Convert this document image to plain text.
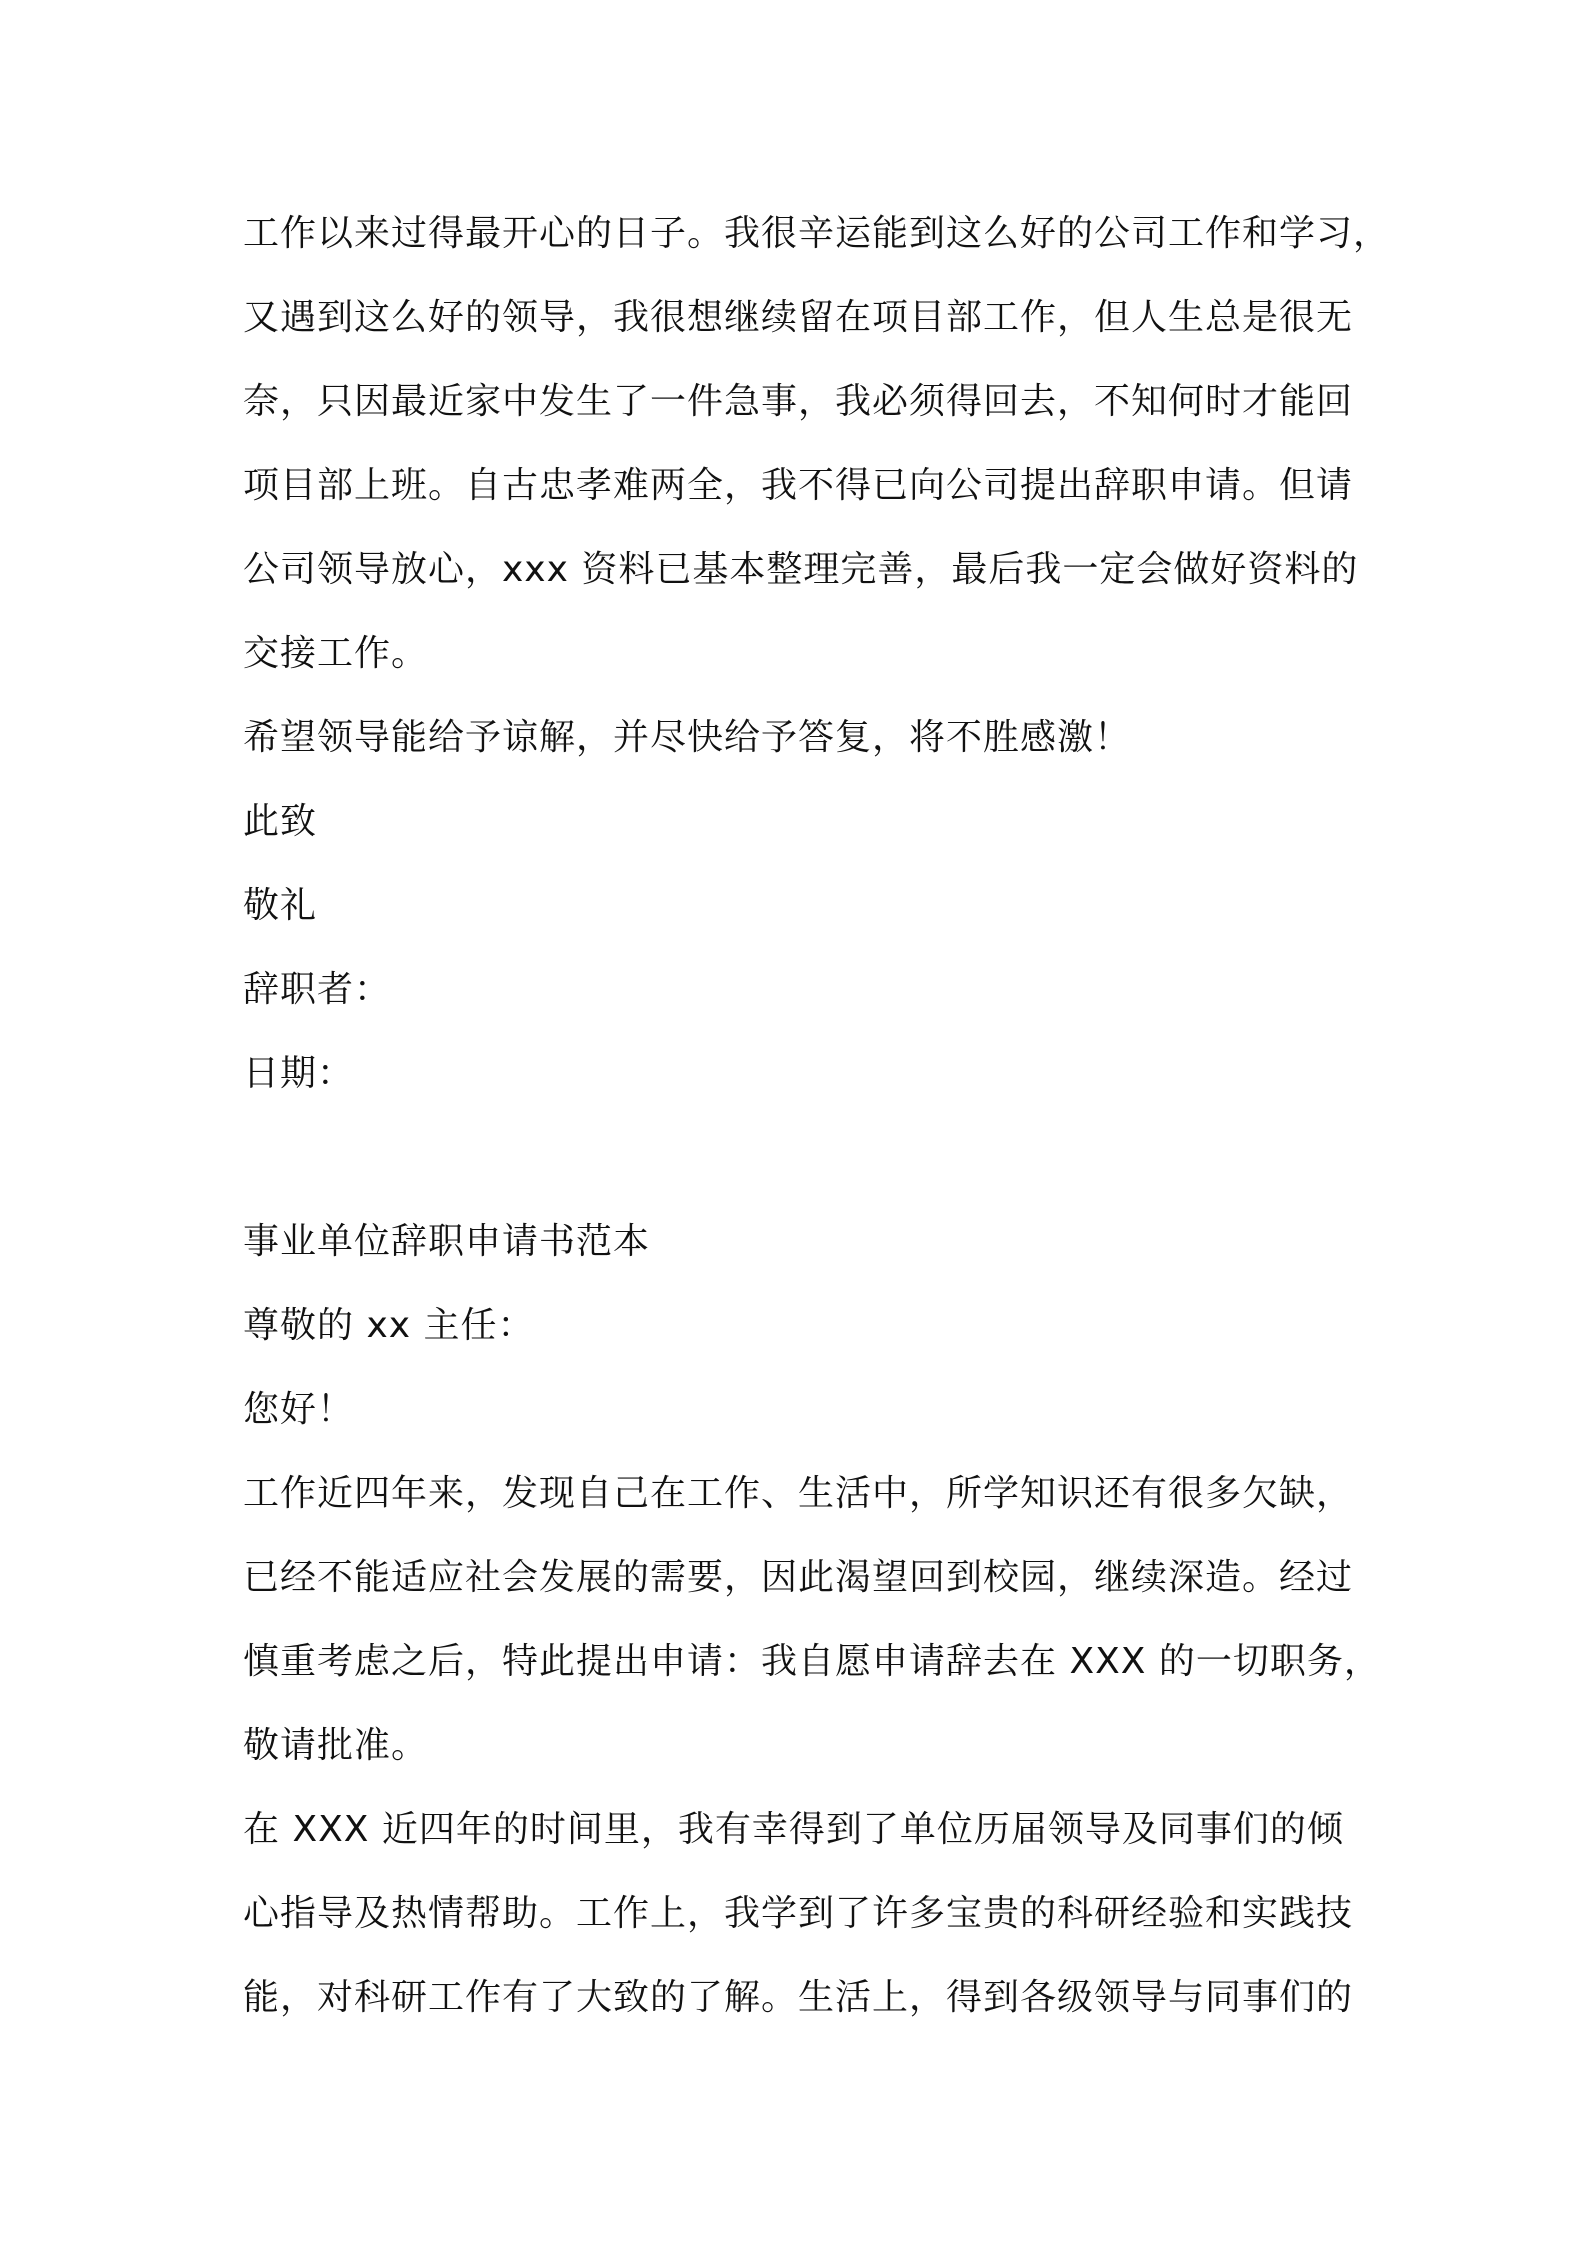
工作以来过得最开心的日子。我很辛运能到这么好的公司工作和学习，
又遇到这么好的领导，我很想继续留在项目部工作，但人生总是很无
奈，只因最近家中发生了一件急事，我必须得回去，不知何时才能回
项目部上班。自古忠孝难两全，我不得已向公司提出辞职申请。但请
公司领导放心，xxx 资料已基本整理完善，最后我一定会做好资料的
交接工作。
希望领导能给予谅解，并尽快给予答复，将不胜感激！
此致
敬礼
辞职者：
日期：
事业单位辞职申请书范本
尊敬的 xx 主任：
您好！
工作近四年来，发现自己在工作、生活中，所学知识还有很多欠缺，
已经不能适应社会发展的需要，因此渴望回到校园，继续深造。经过
慎重考虑之后，特此提出申请：我自愿申请辞去在 XXX 的一切职务，
敬请批准。
在 XXX 近四年的时间里，我有幸得到了单位历届领导及同事们的倾
心指导及热情帮助。工作上，我学到了许多宝贵的科研经验和实践技
能，对科研工作有了大致的了解。生活上，得到各级领导与同事们的
